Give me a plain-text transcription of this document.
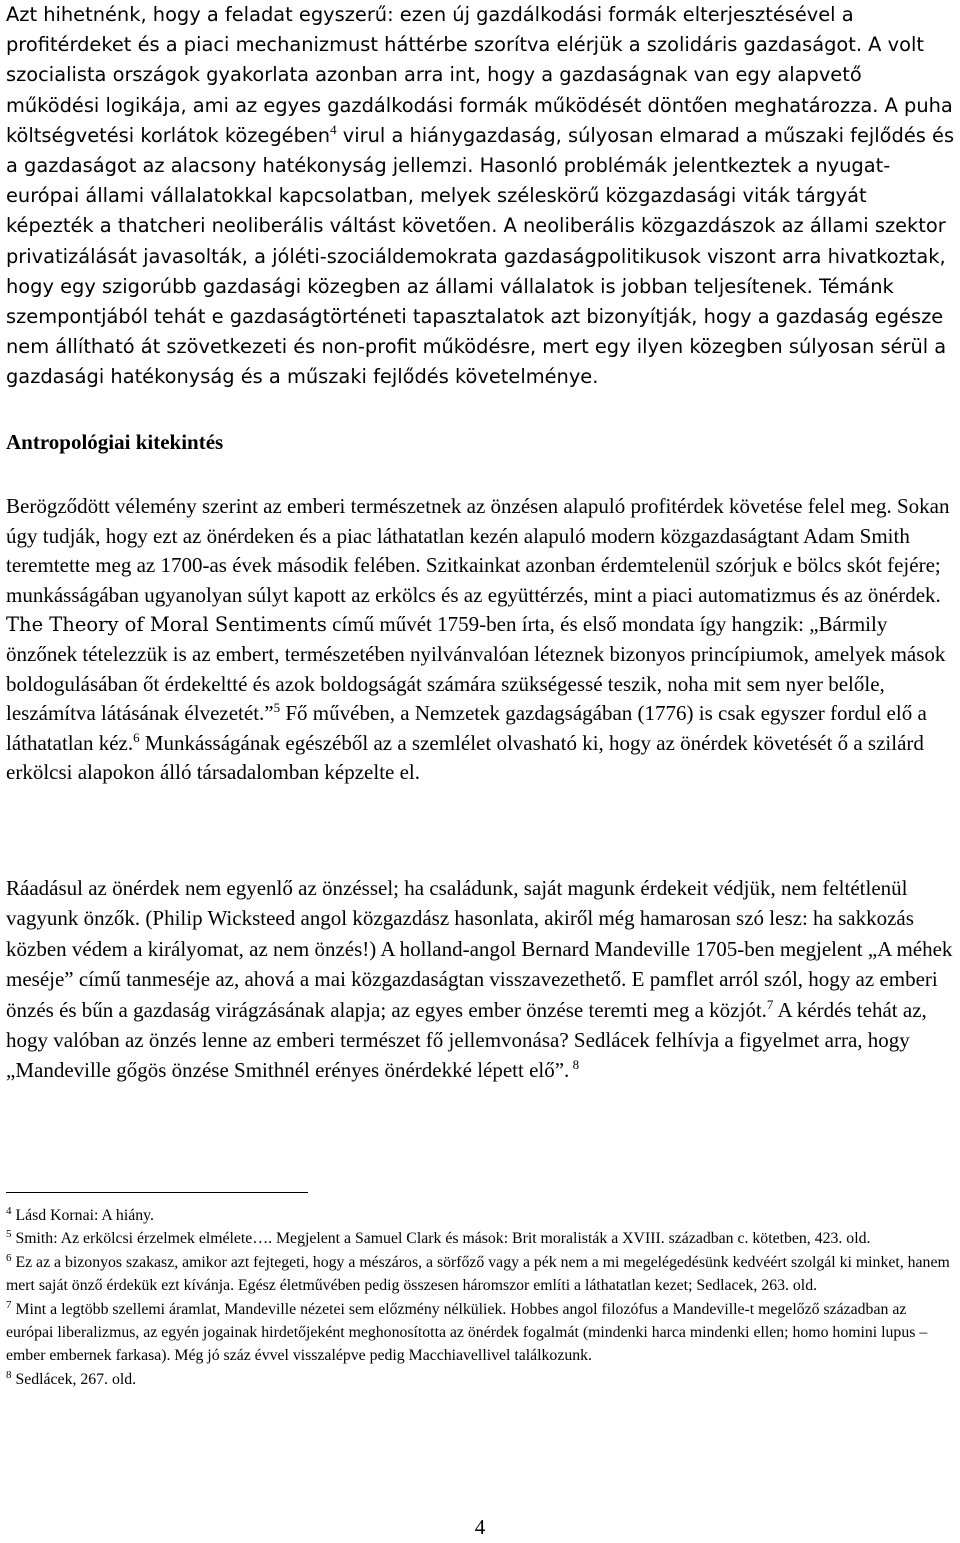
Azt hihetnénk, hogy a feladat egyszerű: ezen új gazdálkodási formák elterjesztésével a profitérdeket és a piaci mechanizmust háttérbe szorítva elérjük a szolidáris gazdaságot. A volt szocialista országok gyakorlata azonban arra int, hogy a gazdaságnak van egy alapvető működési logikája, ami az egyes gazdálkodási formák működését döntően meghatározza. A puha költségvetési korlátok közegében$^4$ virul a hiánygazdaság, súlyosan elmarad a műszaki fejlődés és a gazdaságot az alacsony hatékonyság jellemzi. Hasonló problémák jelentkeztek a nyugat-európai állami vállalatokkal kapcsolatban, melyek széleskörű közgazdasági viták tárgyát képezték a thatcheri neoliberális váltást követően. A neoliberális közgazdászok az állami szektor privatizálását javasolták, a jóléti-szociáldemokrata gazdaságpolitikusok viszont arra hivatkoztak, hogy egy szigorúbb gazdasági közegben az állami vállalatok is jobban teljesítenek. Témánk szempontjából tehát e gazdaságtörténeti tapasztalatok azt bizonyítják, hogy a gazdaság egésze nem állítható át szövetkezeti és non-profit működésre, mert egy ilyen közegben súlyosan sérül a gazdasági hatékonyság és a műszaki fejlődés követelménye.

Antropológiai kitekintés

Berögződött vélemény szerint az emberi természetnek az önzésen alapuló profitérdek követése felel meg. Sokan úgy tudják, hogy ezt az önérdeken és a piac láthatatlan kezén alapuló modern közgazdaságtant Adam Smith teremtette meg az 1700-as évek második felében. Szitkainkat azonban érdemtelenül szórjuk e bölcs skót fejére; munkásságában ugyanolyan súlyt kapott az erkölcs és az együttérzés, mint a piaci automatizmus és az önérdek. The Theory of Moral Sentiments című művét 1759-ben írta, és első mondata így hangzik: „Bármily önzőnek tételezzük is az embert, természetében nyilvánvalóan léteznek bizonyos princípiumok, amelyek mások boldogulásában őt érdekeltté és azok boldogságát számára szükségessé teszik, noha mit sem nyer belőle, leszámítva látásának élvezetét.”$^5$ Fő művében, a Nemzetek gazdagságában (1776) is csak egyszer fordul elő a láthatatlan kéz.$^6$ Munkásságának egészéből az a szemlélet olvasható ki, hogy az önérdek követését ő a szilárd erkölcsi alapokon álló társadalomban képzelte el.

Ráadásul az önérdek nem egyenlő az önzéssel; ha családunk, saját magunk érdekeit védjük, nem feltétlenül vagyunk önzők. (Philip Wicksteed angol közgazdász hasonlata, akiről még hamarosan szó lesz: ha sakkozás közben védem a királyomat, az nem önzés!) A holland-angol Bernard Mandeville 1705-ben megjelent „A méhek meséje” című tanmeséje az, ahová a mai közgazdaságtan visszavezethető. E pamflet arról szól, hogy az emberi önzés és bűn a gazdaság virágzásának alapja; az egyes ember önzése teremti meg a közjót.$^7$ A kérdés tehát az, hogy valóban az önzés lenne az emberi természet fő jellemvonása? Sedlácek felhívja a figyelmet arra, hogy „Mandeville gőgös önzése Smithnél erényes önérdekké lépett elő”. $^8$

$^4$ Lásd Kornai: A hiány.

$^5$ Smith: Az erkölcsi érzelmek elmélete…. Megjelent a Samuel Clark és mások: Brit moralisták a XVIII. században c. kötetben, 423. old.

$^6$ Ez az a bizonyos szakasz, amikor azt fejtegeti, hogy a mészáros, a sörfőző vagy a pék nem a mi megelégedésünk kedvéért szolgál ki minket, hanem mert saját önző érdekük ezt kívánja. Egész életművében pedig összesen háromszor említi a láthatatlan kezet; Sedlacek, 263. old.

$^7$ Mint a legtöbb szellemi áramlat, Mandeville nézetei sem előzmény nélküliek. Hobbes angol filozófus a Mandeville-t megelőző században az európai liberalizmus, az egyén jogainak hirdetőjeként meghonosította az önérdek fogalmát (mindenki harca mindenki ellen; homo homini lupus – ember embernek farkasa). Még jó száz évvel visszalépve pedig Macchiavellivel találkozunk.

$^8$ Sedlácek, 267. old.

4
